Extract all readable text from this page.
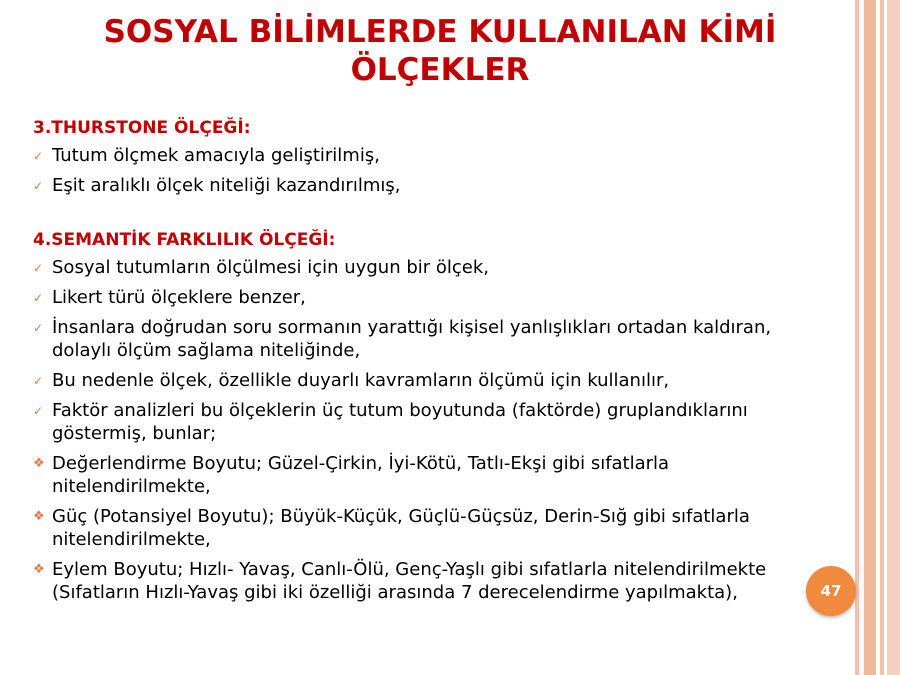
SOSYAL BİLİMLERDE KULLANILAN KİMİ ÖLÇEKLER
3.THURSTONE ÖLÇEĞİ:
✓ Tutum ölçmek amacıyla geliştirilmiş,
✓ Eşit aralıklı ölçek niteliği kazandırılmış,
4.SEMANTİK FARKLILIK ÖLÇEĞİ:
✓ Sosyal tutumların ölçülmesi için uygun bir ölçek,
✓ Likert türü ölçeklere benzer,
✓ İnsanlara doğrudan soru sormanın yarattığı kişisel yanlışlıkları ortadan kaldıran, dolaylı ölçüm sağlama niteliğinde,
✓ Bu nedenle ölçek, özellikle duyarlı kavramların ölçümü için kullanılır,
✓ Faktör analizleri bu ölçeklerin üç tutum boyutunda (faktörde) gruplandıklarını göstermiş, bunlar;
❖ Değerlendirme Boyutu; Güzel-Çirkin, İyi-Kötü, Tatlı-Ekşi gibi sıfatlarla nitelendirilmekte,
❖ Güç (Potansiyel Boyutu); Büyük-Küçük, Güçlü-Güçsüz, Derin-Sığ gibi sıfatlarla nitelendirilmekte,
❖ Eylem Boyutu; Hızlı- Yavaş, Canlı-Ölü, Genç-Yaşlı gibi sıfatlarla nitelendirilmekte (Sıfatların Hızlı-Yavaş gibi iki özelliği arasında 7 derecelendirme yapılmakta),	47
